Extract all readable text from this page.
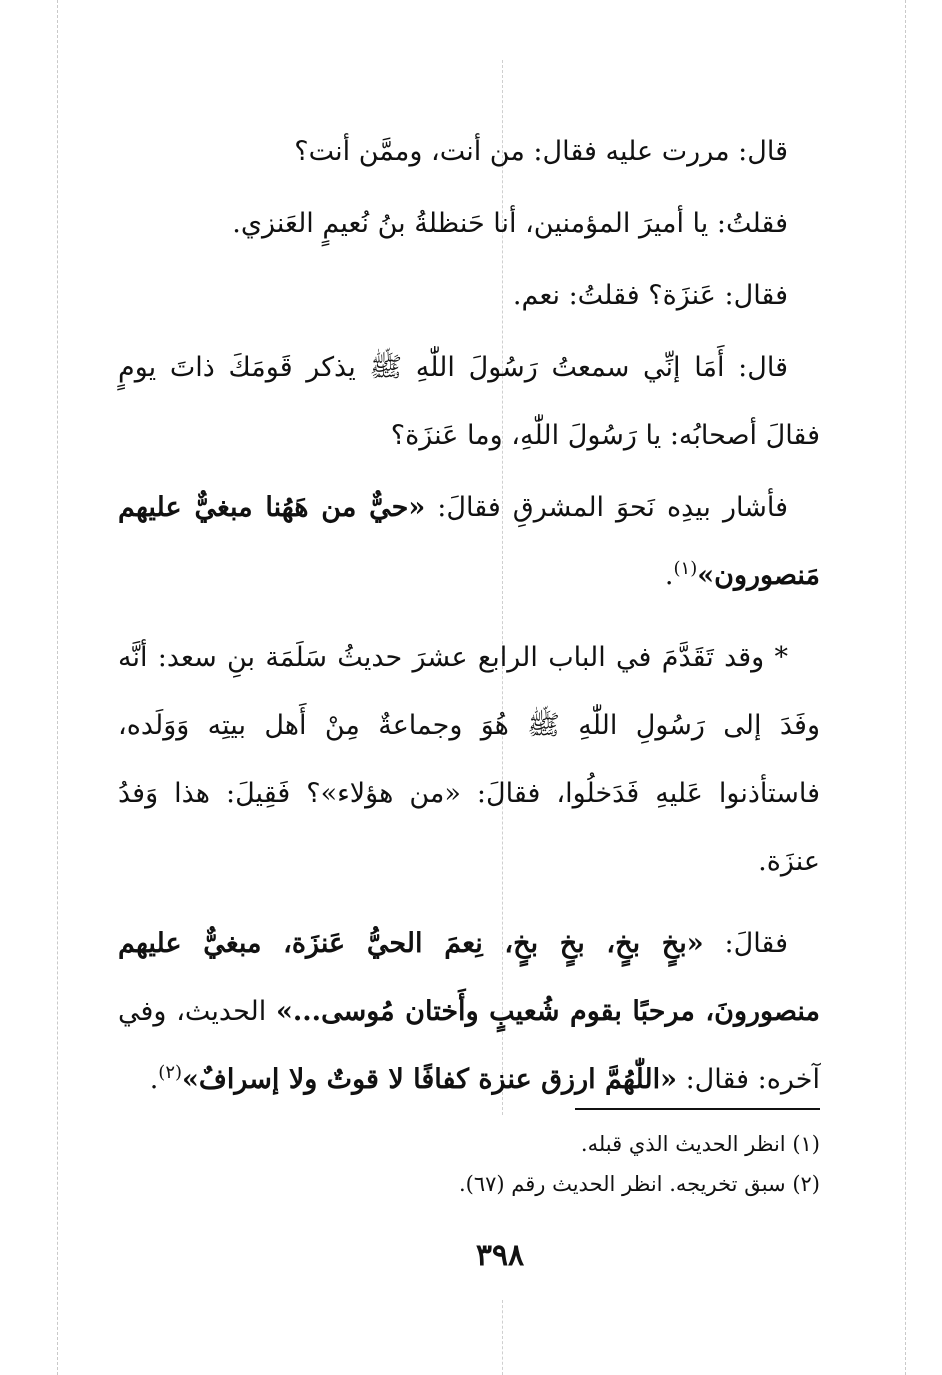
قال: مررت عليه فقال: من أنت، وممَّن أنت؟

فقلتُ: يا أميرَ المؤمنين، أنا حَنظلةُ بنُ نُعيمٍ العَنزي.

فقال: عَنزَة؟ فقلتُ: نعم.

قال: أَمَا إنِّي سمعتُ رَسُولَ اللّٰهِ ﷺ يذكر قَومَكَ ذاتَ يومٍ فقالَ أصحابُه: يا رَسُولَ اللّٰهِ، وما عَنزَة؟

فأشار بيدِه نَحوَ المشرقِ فقالَ: «حيٌّ من هَهُنا مبغيٌّ عليهم مَنصورون»$^{(١)}$.

* وقد تَقَدَّمَ في الباب الرابع عشرَ حديثُ سَلَمَة بنِ سعد: أنَّه وفَدَ إلى رَسُولِ اللّٰهِ ﷺ هُوَ وجماعةٌ مِنْ أَهل بيتِه وَوَلَده، فاستأذنوا عَليهِ فَدَخلُوا، فقالَ: «من هؤلاء»؟ فَقِيلَ: هذا وَفدُ عنزَة.

فقالَ: «بخٍ بخٍ، بخٍ بخٍ، نِعمَ الحيُّ عَنزَة، مبغيٌّ عليهم منصورونَ، مرحبًا بقوم شُعيبٍ وأَختان مُوسى...» الحديث، وفي آخره: فقال: «اللّٰهُمَّ ارزق عنزة كفافًا لا قوتٌ ولا إسرافٌ»$^{(٢)}$.

(١) انظر الحديث الذي قبله.

(٢) سبق تخريجه. انظر الحديث رقم (٦٧).

٣٩٨
